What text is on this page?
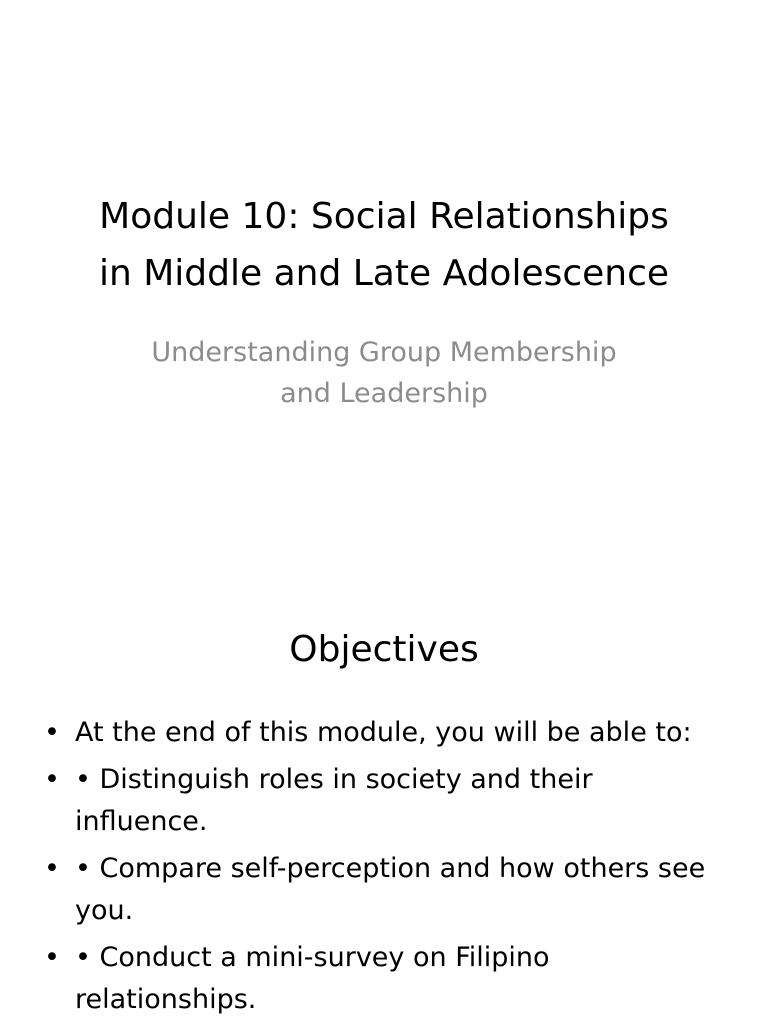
Module 10: Social Relationships
in Middle and Late Adolescence
Understanding Group Membership
and Leadership
Objectives
• At the end of this module, you will be able to:
• • Distinguish roles in society and their influence.
• • Compare self-perception and how others see you.
• • Conduct a mini-survey on Filipino relationships.
